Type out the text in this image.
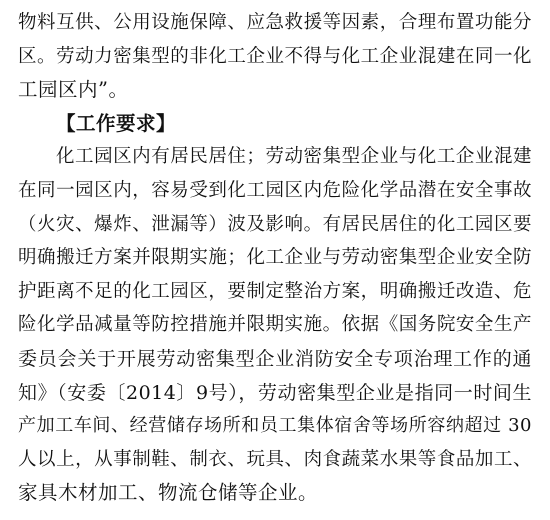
物料互供、公用设施保障、应急救援等因素，合理布置功能分
区。劳动力密集型的非化工企业不得与化工企业混建在同一化
工园区内”。
【工作要求】
化工园区内有居民居住；劳动密集型企业与化工企业混建
在同一园区内，容易受到化工园区内危险化学品潜在安全事故
（火灾、爆炸、泄漏等）波及影响。有居民居住的化工园区要
明确搬迁方案并限期实施；化工企业与劳动密集型企业安全防
护距离不足的化工园区，要制定整治方案，明确搬迁改造、危
险化学品减量等防控措施并限期实施。依据《国务院安全生产
委员会关于开展劳动密集型企业消防安全专项治理工作的通
知》（安委〔2014〕9号），劳动密集型企业是指同一时间生
产加工车间、经营储存场所和员工集体宿舍等场所容纳超过 30
人以上，从事制鞋、制衣、玩具、肉食蔬菜水果等食品加工、
家具木材加工、物流仓储等企业。
